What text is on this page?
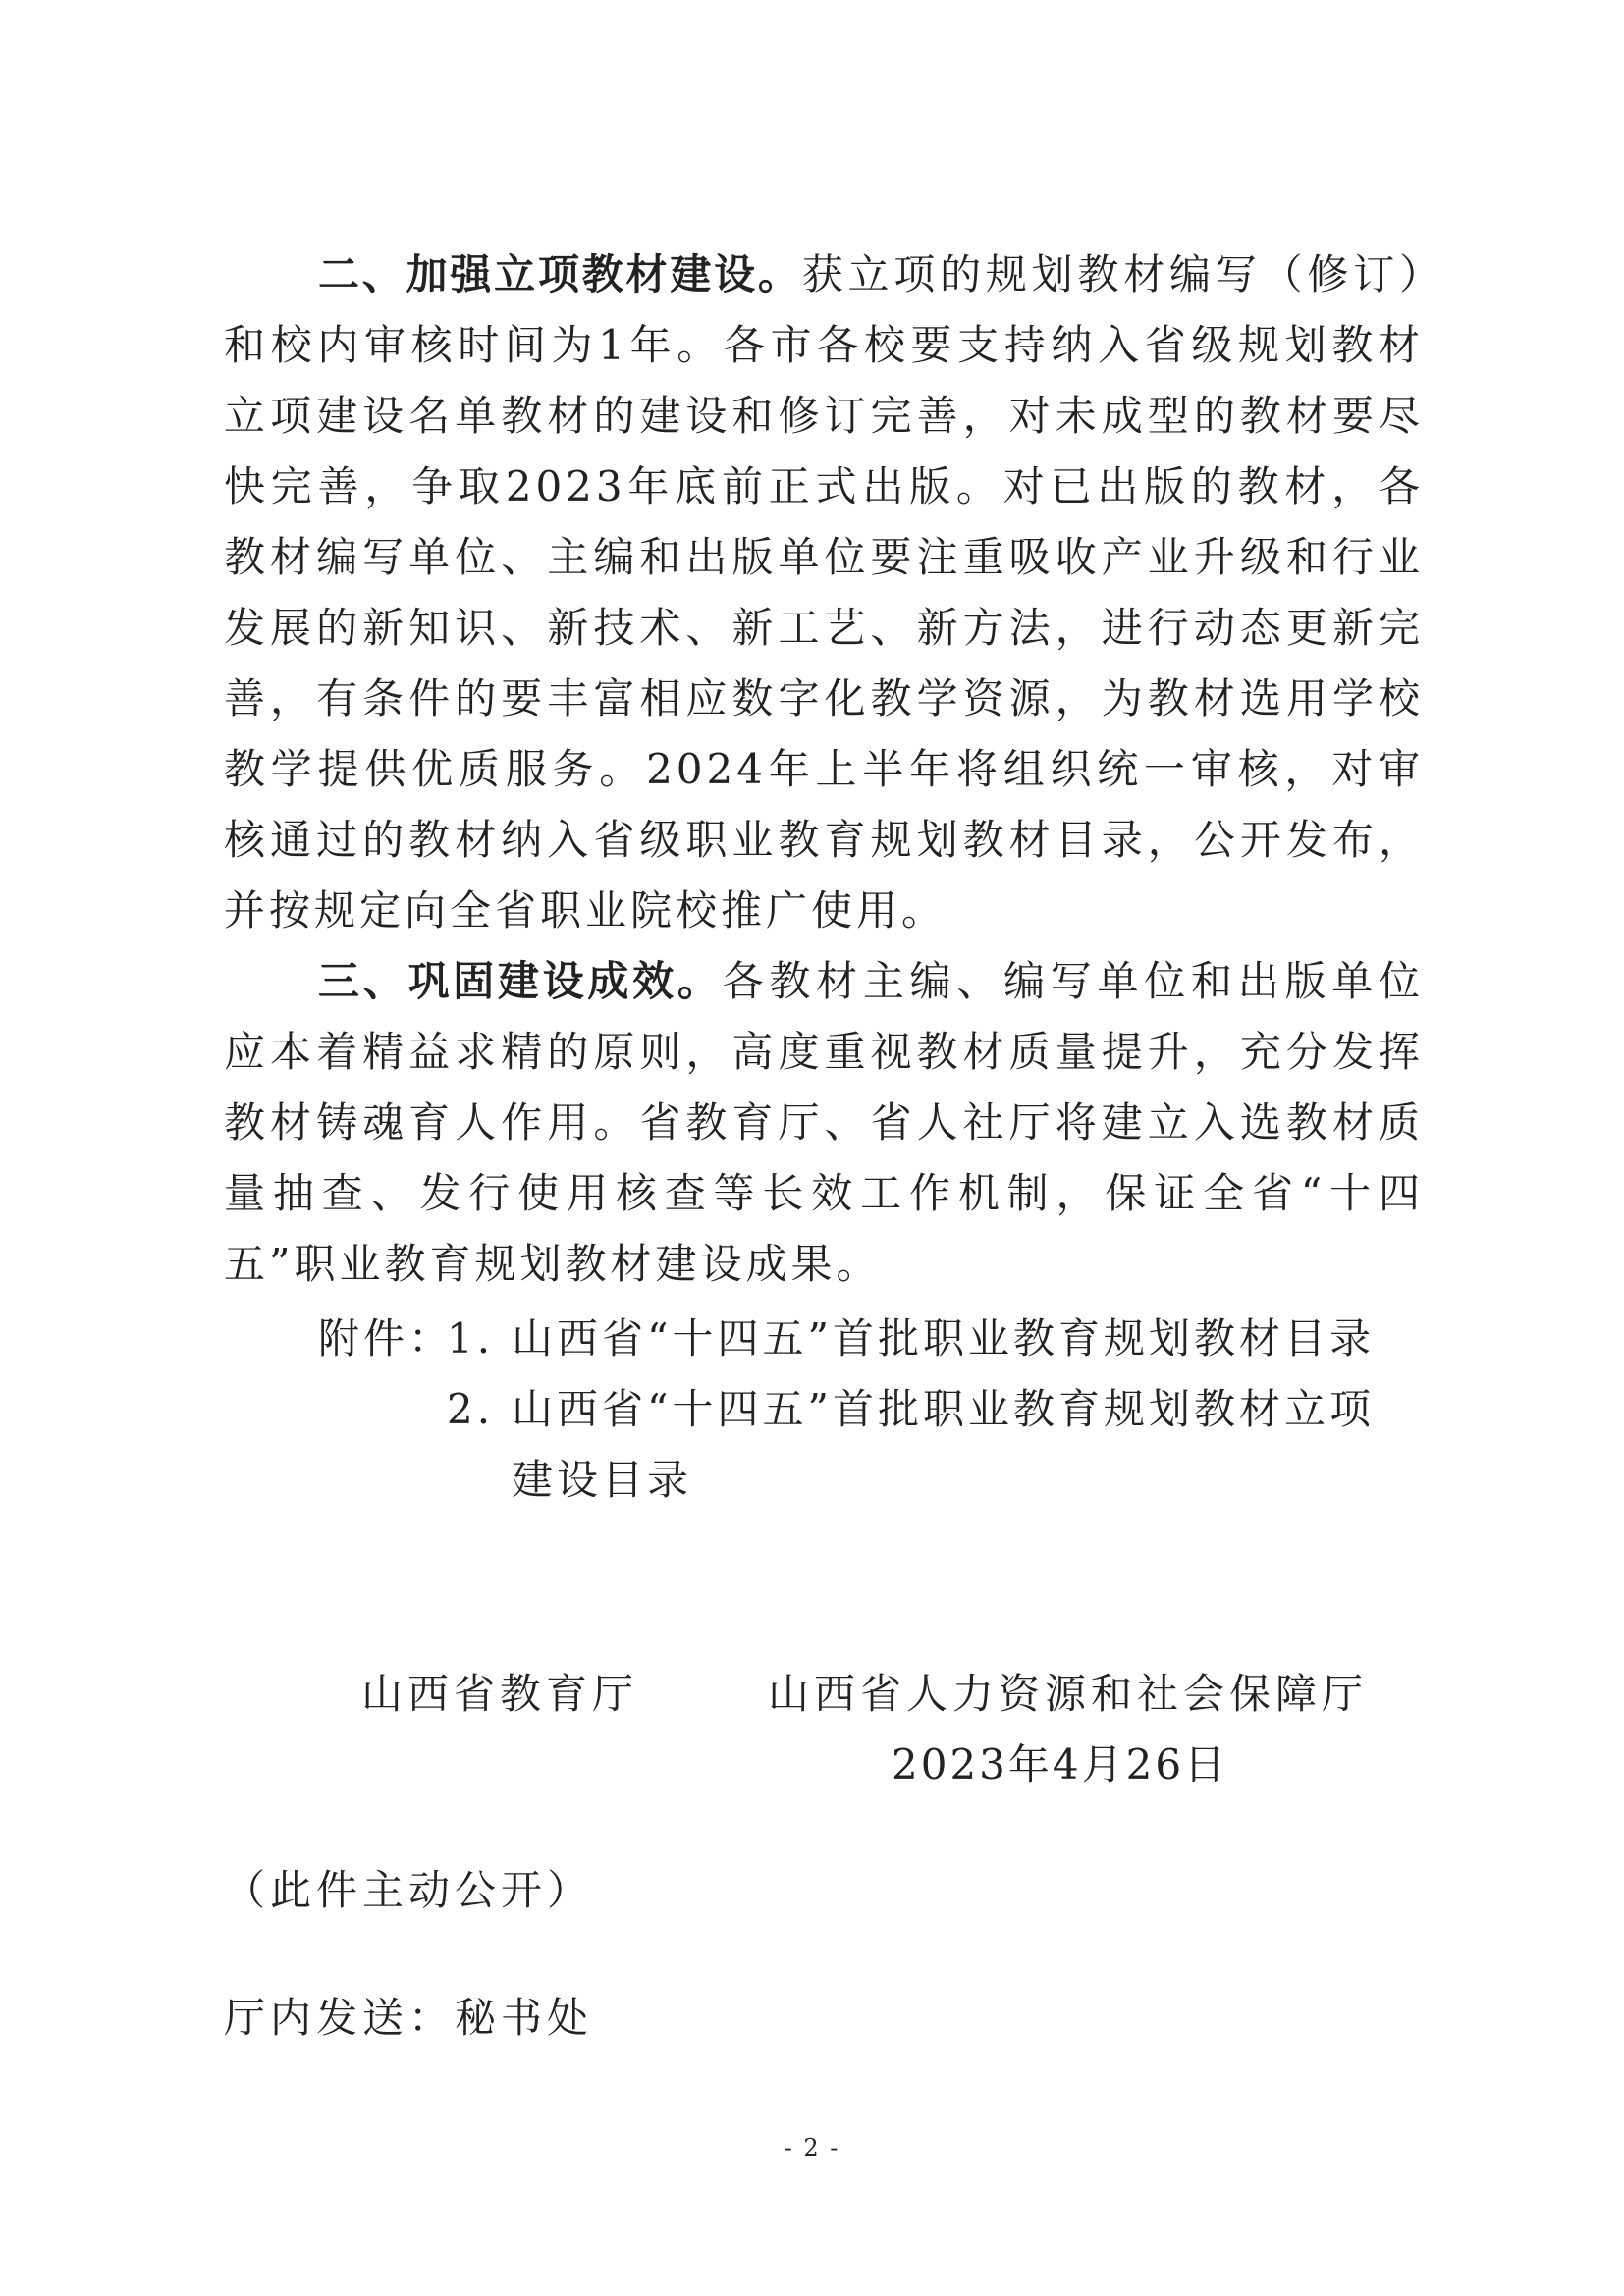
二、加强立项教材建设。获立项的规划教材编写（修订）和校内审核时间为1年。各市各校要支持纳入省级规划教材立项建设名单教材的建设和修订完善，对未成型的教材要尽快完善，争取2023年底前正式出版。对已出版的教材，各教材编写单位、主编和出版单位要注重吸收产业升级和行业发展的新知识、新技术、新工艺、新方法，进行动态更新完善，有条件的要丰富相应数字化教学资源，为教材选用学校教学提供优质服务。2024年上半年将组织统一审核，对审核通过的教材纳入省级职业教育规划教材目录，公开发布，并按规定向全省职业院校推广使用。

三、巩固建设成效。各教材主编、编写单位和出版单位应本着精益求精的原则，高度重视教材质量提升，充分发挥教材铸魂育人作用。省教育厅、省人社厅将建立入选教材质量抽查、发行使用核查等长效工作机制，保证全省“十四五”职业教育规划教材建设成果。

附件：
1. 山西省“十四五”首批职业教育规划教材目录
2. 山西省“十四五”首批职业教育规划教材立项建设目录
山西省教育厅	山西省人力资源和社会保障厅
2023年4月26日
（此件主动公开）
厅内发送：秘书处
- 2 -
